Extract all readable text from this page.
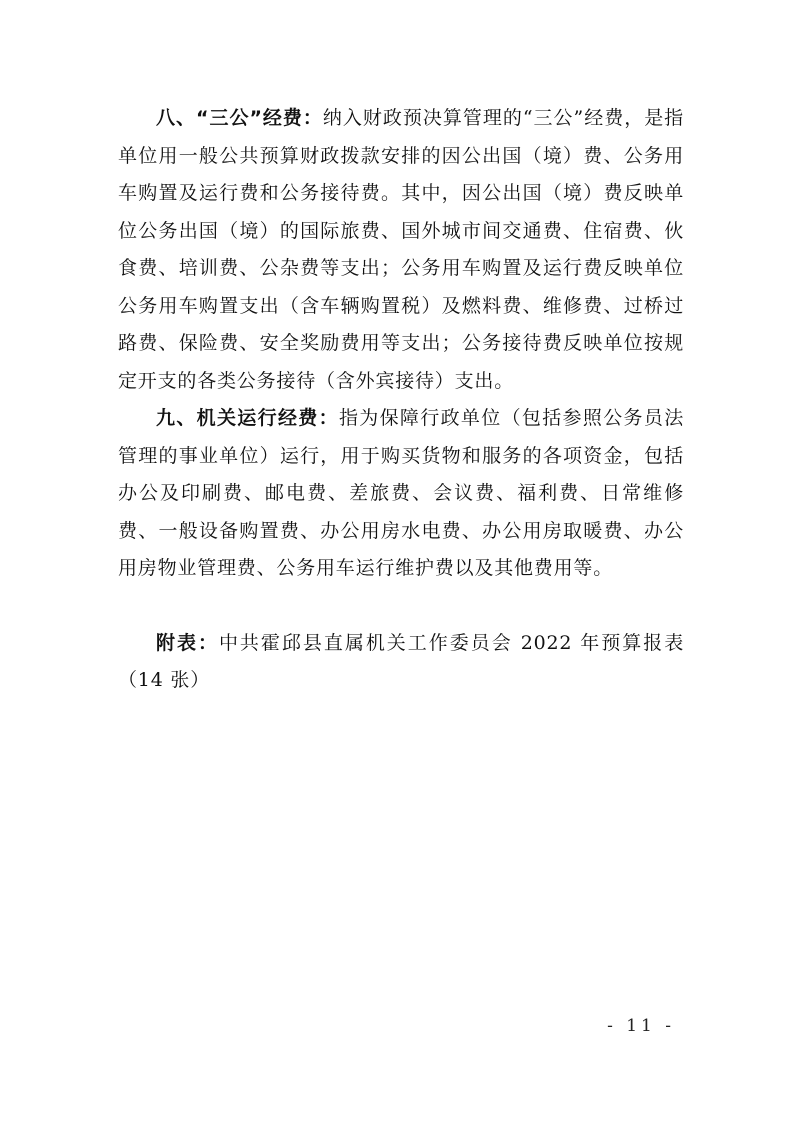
八、“三公”经费：纳入财政预决算管理的“三公”经费，是指单位用一般公共预算财政拨款安排的因公出国（境）费、公务用车购置及运行费和公务接待费。其中，因公出国（境）费反映单位公务出国（境）的国际旅费、国外城市间交通费、住宿费、伙食费、培训费、公杂费等支出；公务用车购置及运行费反映单位公务用车购置支出（含车辆购置税）及燃料费、维修费、过桥过路费、保险费、安全奖励费用等支出；公务接待费反映单位按规定开支的各类公务接待（含外宾接待）支出。

九、机关运行经费：指为保障行政单位（包括参照公务员法管理的事业单位）运行，用于购买货物和服务的各项资金，包括办公及印刷费、邮电费、差旅费、会议费、福利费、日常维修费、一般设备购置费、办公用房水电费、办公用房取暖费、办公用房物业管理费、公务用车运行维护费以及其他费用等。

附表：中共霍邱县直属机关工作委员会 2022 年预算报表（14 张）

- 11 -
